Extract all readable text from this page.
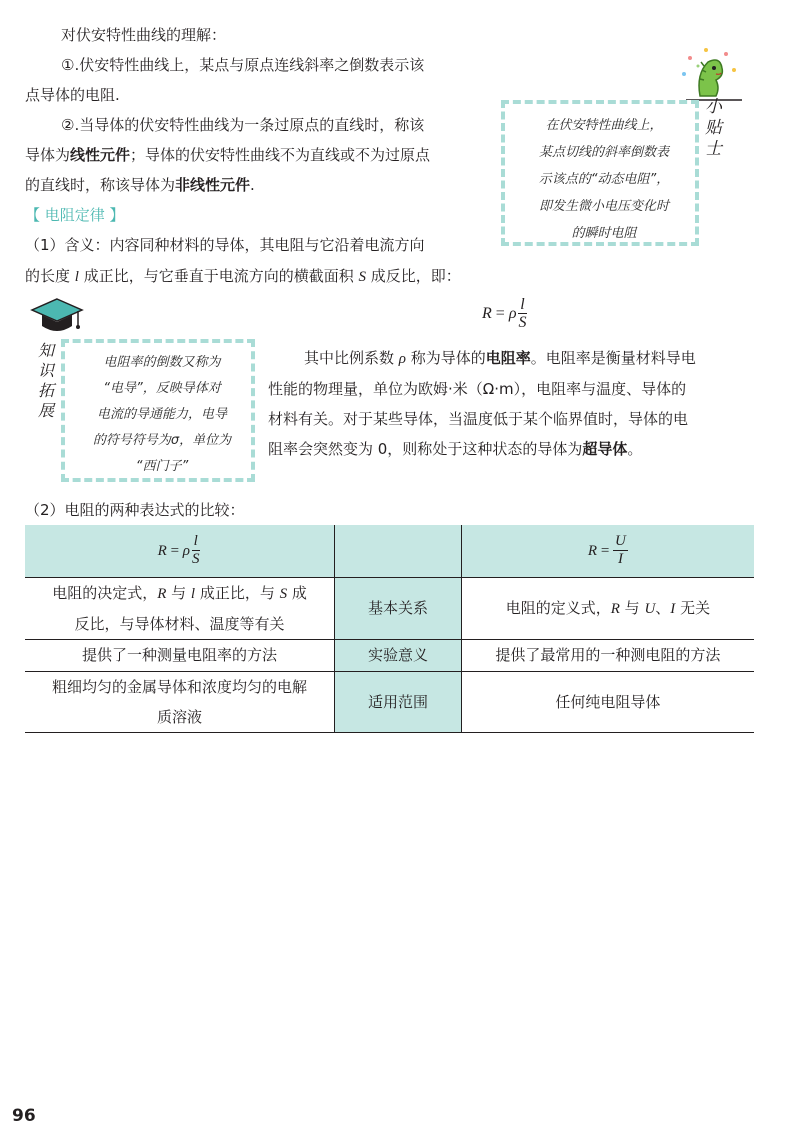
对伏安特性曲线的理解：
①.伏安特性曲线上，某点与原点连线斜率之倒数表示该
点导体的电阻.
②.当导体的伏安特性曲线为一条过原点的直线时，称该
导体为线性元件；导体的伏安特性曲线不为直线或不为过原点
的直线时，称该导体为非线性元件.
小
贴
士
在伏安特性曲线上，
某点切线的斜率倒数表
示该点的“动态电阻”，
即发生微小电压变化时
的瞬时电阻
【 电阻定律 】
（1）含义：内容同种材料的导体，其电阻与它沿着电流方向
的长度 l 成正比，与它垂直于电流方向的横截面积 S 成反比，即：
R = ρ $\frac{l}{S}$
知
识
拓
展
电阻率的倒数又称为
“电导”，反映导体对
电流的导通能力，电导
的符号符号为σ，单位为
“西门子”
其中比例系数 ρ 称为导体的电阻率。电阻率是衡量材料导电
性能的物理量，单位为欧姆·米（Ω·m），电阻率与温度、导体的
材料有关。对于某些导体，当温度低于某个临界值时，导体的电
阻率会突然变为 0，则称处于这种状态的导体为超导体。
（2）电阻的两种表达式的比较：
R = ρ $\frac{l}{S}$		$R = \frac{U}{I}$

电阻的决定式，R 与 l 成正比，与 S 成
反比，与导体材料、温度等有关	基本关系	电阻的定义式，R 与 U、I 无关
提供了一种测量电阻率的方法	实验意义	提供了最常用的一种测电阻的方法

粗细均匀的金属导体和浓度均匀的电解
质溶液	适用范围	任何纯电阻导体
96
